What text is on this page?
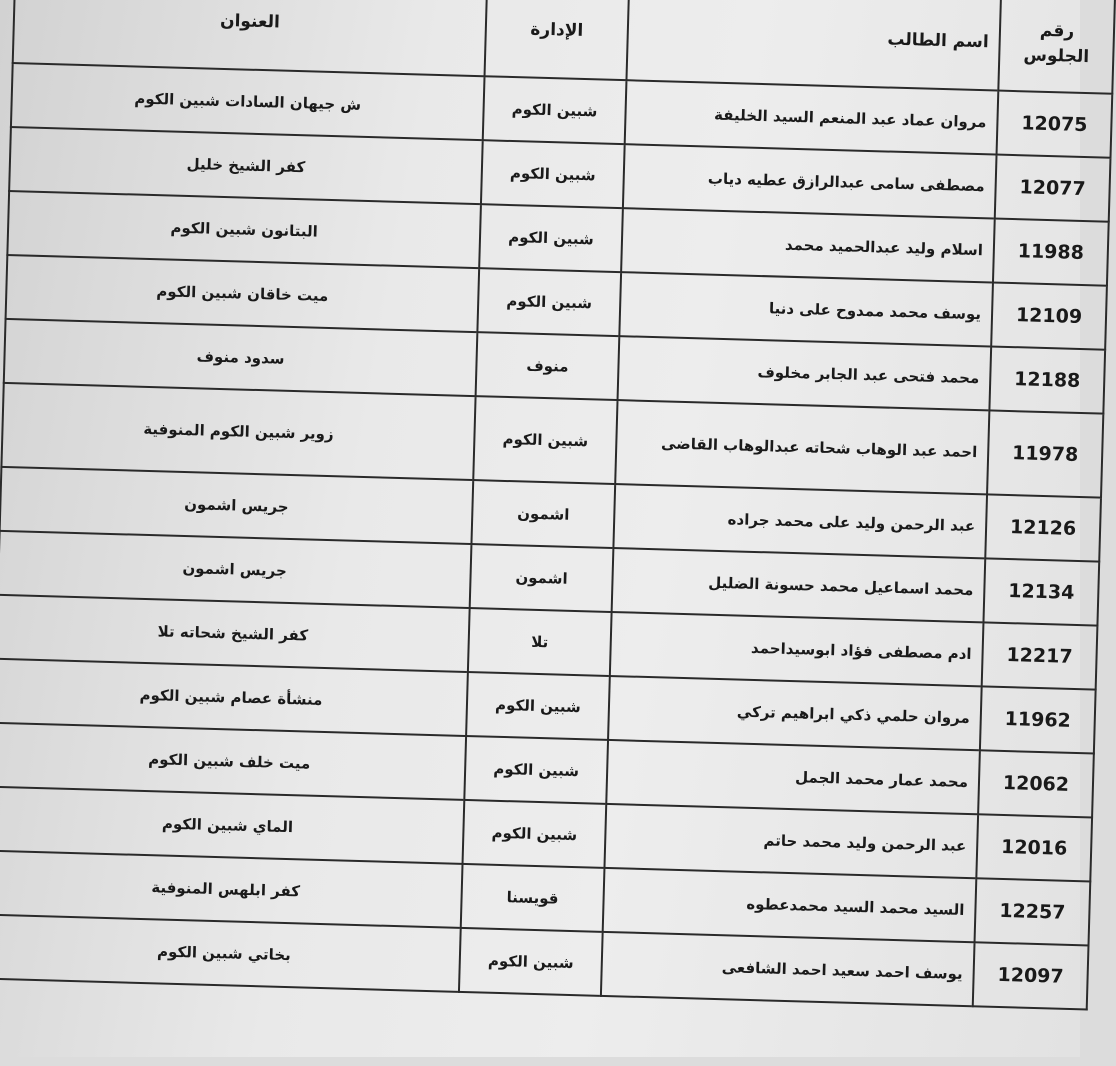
رقم الجلوس	اسم الطالب	الإدارة	العنوان
12075	مروان عماد عبد المنعم السيد الخليفة	شبين الكوم	ش جيهان السادات شبين الكوم
12077	مصطفى سامى عبدالرازق عطيه دياب	شبين الكوم	كفر الشيخ خليل
11988	اسلام وليد عبدالحميد محمد	شبين الكوم	البتانون شبين الكوم
12109	يوسف محمد ممدوح على دنيا	شبين الكوم	ميت خاقان شبين الكوم
12188	محمد فتحى عبد الجابر مخلوف	منوف	سدود منوف
11978	احمد عبد الوهاب شحاته عبدالوهاب القاضى	شبين الكوم	زوير شبين الكوم المنوفية
12126	عبد الرحمن وليد على محمد جراده	اشمون	جريس اشمون
12134	محمد اسماعيل محمد حسونة الضليل	اشمون	جريس اشمون
12217	ادم مصطفى فؤاد ابوسيداحمد	تلا	كفر الشيخ شحاته تلا
11962	مروان حلمي ذكي ابراهيم تركي	شبين الكوم	منشأة عصام شبين الكوم
12062	محمد عمار محمد الجمل	شبين الكوم	ميت خلف شبين الكوم
12016	عبد الرحمن وليد محمد حاتم	شبين الكوم	الماي شبين الكوم
12257	السيد محمد السيد محمدعطوه	قويسنا	كفر ابلهس المنوفية
12097	يوسف احمد سعيد احمد الشافعى	شبين الكوم	بخاتي شبين الكوم
